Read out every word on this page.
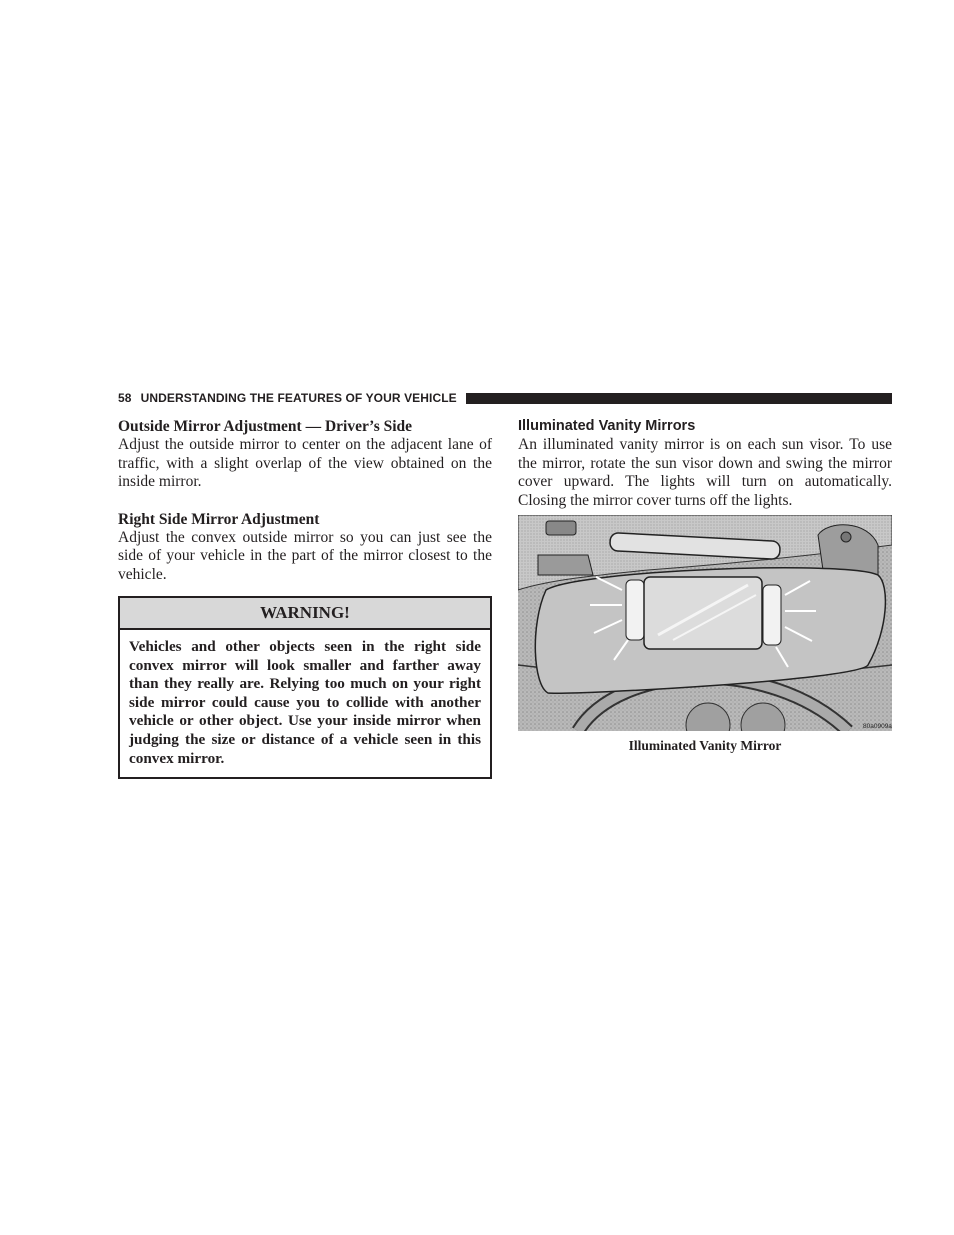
58 UNDERSTANDING THE FEATURES OF YOUR VEHICLE
Outside Mirror Adjustment — Driver’s Side

Adjust the outside mirror to center on the adjacent lane of traffic, with a slight overlap of the view obtained on the inside mirror.

Right Side Mirror Adjustment

Adjust the convex outside mirror so you can just see the side of your vehicle in the part of the mirror closest to the vehicle.

WARNING!
Vehicles and other objects seen in the right side convex mirror will look smaller and farther away than they really are. Relying too much on your right side mirror could cause you to collide with another vehicle or other object. Use your inside mirror when judging the size or distance of a vehicle seen in this convex mirror.
Illuminated Vanity Mirrors

An illuminated vanity mirror is on each sun visor. To use the mirror, rotate the sun visor down and swing the mirror cover upward. The lights will turn on automatically. Closing the mirror cover turns off the lights.

80a0909a
Illuminated Vanity Mirror
